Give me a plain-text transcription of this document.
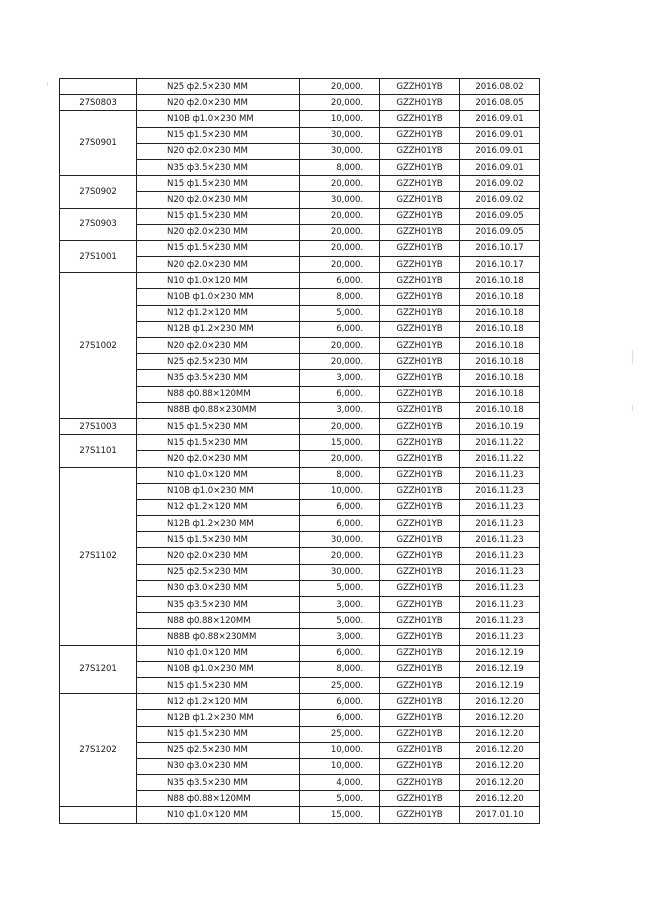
	N25 ф2.5×230 MM	20,000.	GZZH01YB	2016.08.02
27S0803	N20 ф2.0×230 MM	20,000.	GZZH01YB	2016.08.05
27S0901	N10B ф1.0×230 MM	10,000.	GZZH01YB	2016.09.01
	N15 ф1.5×230 MM	30,000.	GZZH01YB	2016.09.01
	N20 ф2.0×230 MM	30,000.	GZZH01YB	2016.09.01
	N35 ф3.5×230 MM	8,000.	GZZH01YB	2016.09.01
27S0902	N15 ф1.5×230 MM	20,000.	GZZH01YB	2016.09.02
	N20 ф2.0×230 MM	30,000.	GZZH01YB	2016.09.02
27S0903	N15 ф1.5×230 MM	20,000.	GZZH01YB	2016.09.05
	N20 ф2.0×230 MM	20,000.	GZZH01YB	2016.09.05
27S1001	N15 ф1.5×230 MM	20,000.	GZZH01YB	2016.10.17
	N20 ф2.0×230 MM	20,000.	GZZH01YB	2016.10.17
27S1002	N10 ф1.0×120 MM	6,000.	GZZH01YB	2016.10.18
	N10B ф1.0×230 MM	8,000.	GZZH01YB	2016.10.18
	N12 ф1.2×120 MM	5,000.	GZZH01YB	2016.10.18
	N12B ф1.2×230 MM	6,000.	GZZH01YB	2016.10.18
	N20 ф2.0×230 MM	20,000.	GZZH01YB	2016.10.18
	N25 ф2.5×230 MM	20,000.	GZZH01YB	2016.10.18
	N35 ф3.5×230 MM	3,000.	GZZH01YB	2016.10.18
	N88 ф0.88×120MM	6,000.	GZZH01YB	2016.10.18
	N88B ф0.88×230MM	3,000.	GZZH01YB	2016.10.18
27S1003	N15 ф1.5×230 MM	20,000.	GZZH01YB	2016.10.19
27S1101	N15 ф1.5×230 MM	15,000.	GZZH01YB	2016.11.22
	N20 ф2.0×230 MM	20,000.	GZZH01YB	2016.11.22
27S1102	N10 ф1.0×120 MM	8,000.	GZZH01YB	2016.11.23
	N10B ф1.0×230 MM	10,000.	GZZH01YB	2016.11.23
	N12 ф1.2×120 MM	6,000.	GZZH01YB	2016.11.23
	N12B ф1.2×230 MM	6,000.	GZZH01YB	2016.11.23
	N15 ф1.5×230 MM	30,000.	GZZH01YB	2016.11.23
	N20 ф2.0×230 MM	20,000.	GZZH01YB	2016.11.23
	N25 ф2.5×230 MM	30,000.	GZZH01YB	2016.11.23
	N30 ф3.0×230 MM	5,000.	GZZH01YB	2016.11.23
	N35 ф3.5×230 MM	3,000.	GZZH01YB	2016.11.23
	N88 ф0.88×120MM	5,000.	GZZH01YB	2016.11.23
	N88B ф0.88×230MM	3,000.	GZZH01YB	2016.11.23
27S1201	N10 ф1.0×120 MM	6,000.	GZZH01YB	2016.12.19
	N10B ф1.0×230 MM	8,000.	GZZH01YB	2016.12.19
	N15 ф1.5×230 MM	25,000.	GZZH01YB	2016.12.19
27S1202	N12 ф1.2×120 MM	6,000.	GZZH01YB	2016.12.20
	N12B ф1.2×230 MM	6,000.	GZZH01YB	2016.12.20
	N15 ф1.5×230 MM	25,000.	GZZH01YB	2016.12.20
	N25 ф2.5×230 MM	10,000.	GZZH01YB	2016.12.20
	N30 ф3.0×230 MM	10,000.	GZZH01YB	2016.12.20
	N35 ф3.5×230 MM	4,000.	GZZH01YB	2016.12.20
	N88 ф0.88×120MM	5,000.	GZZH01YB	2016.12.20
	N10 ф1.0×120 MM	15,000.	GZZH01YB	2017.01.10
